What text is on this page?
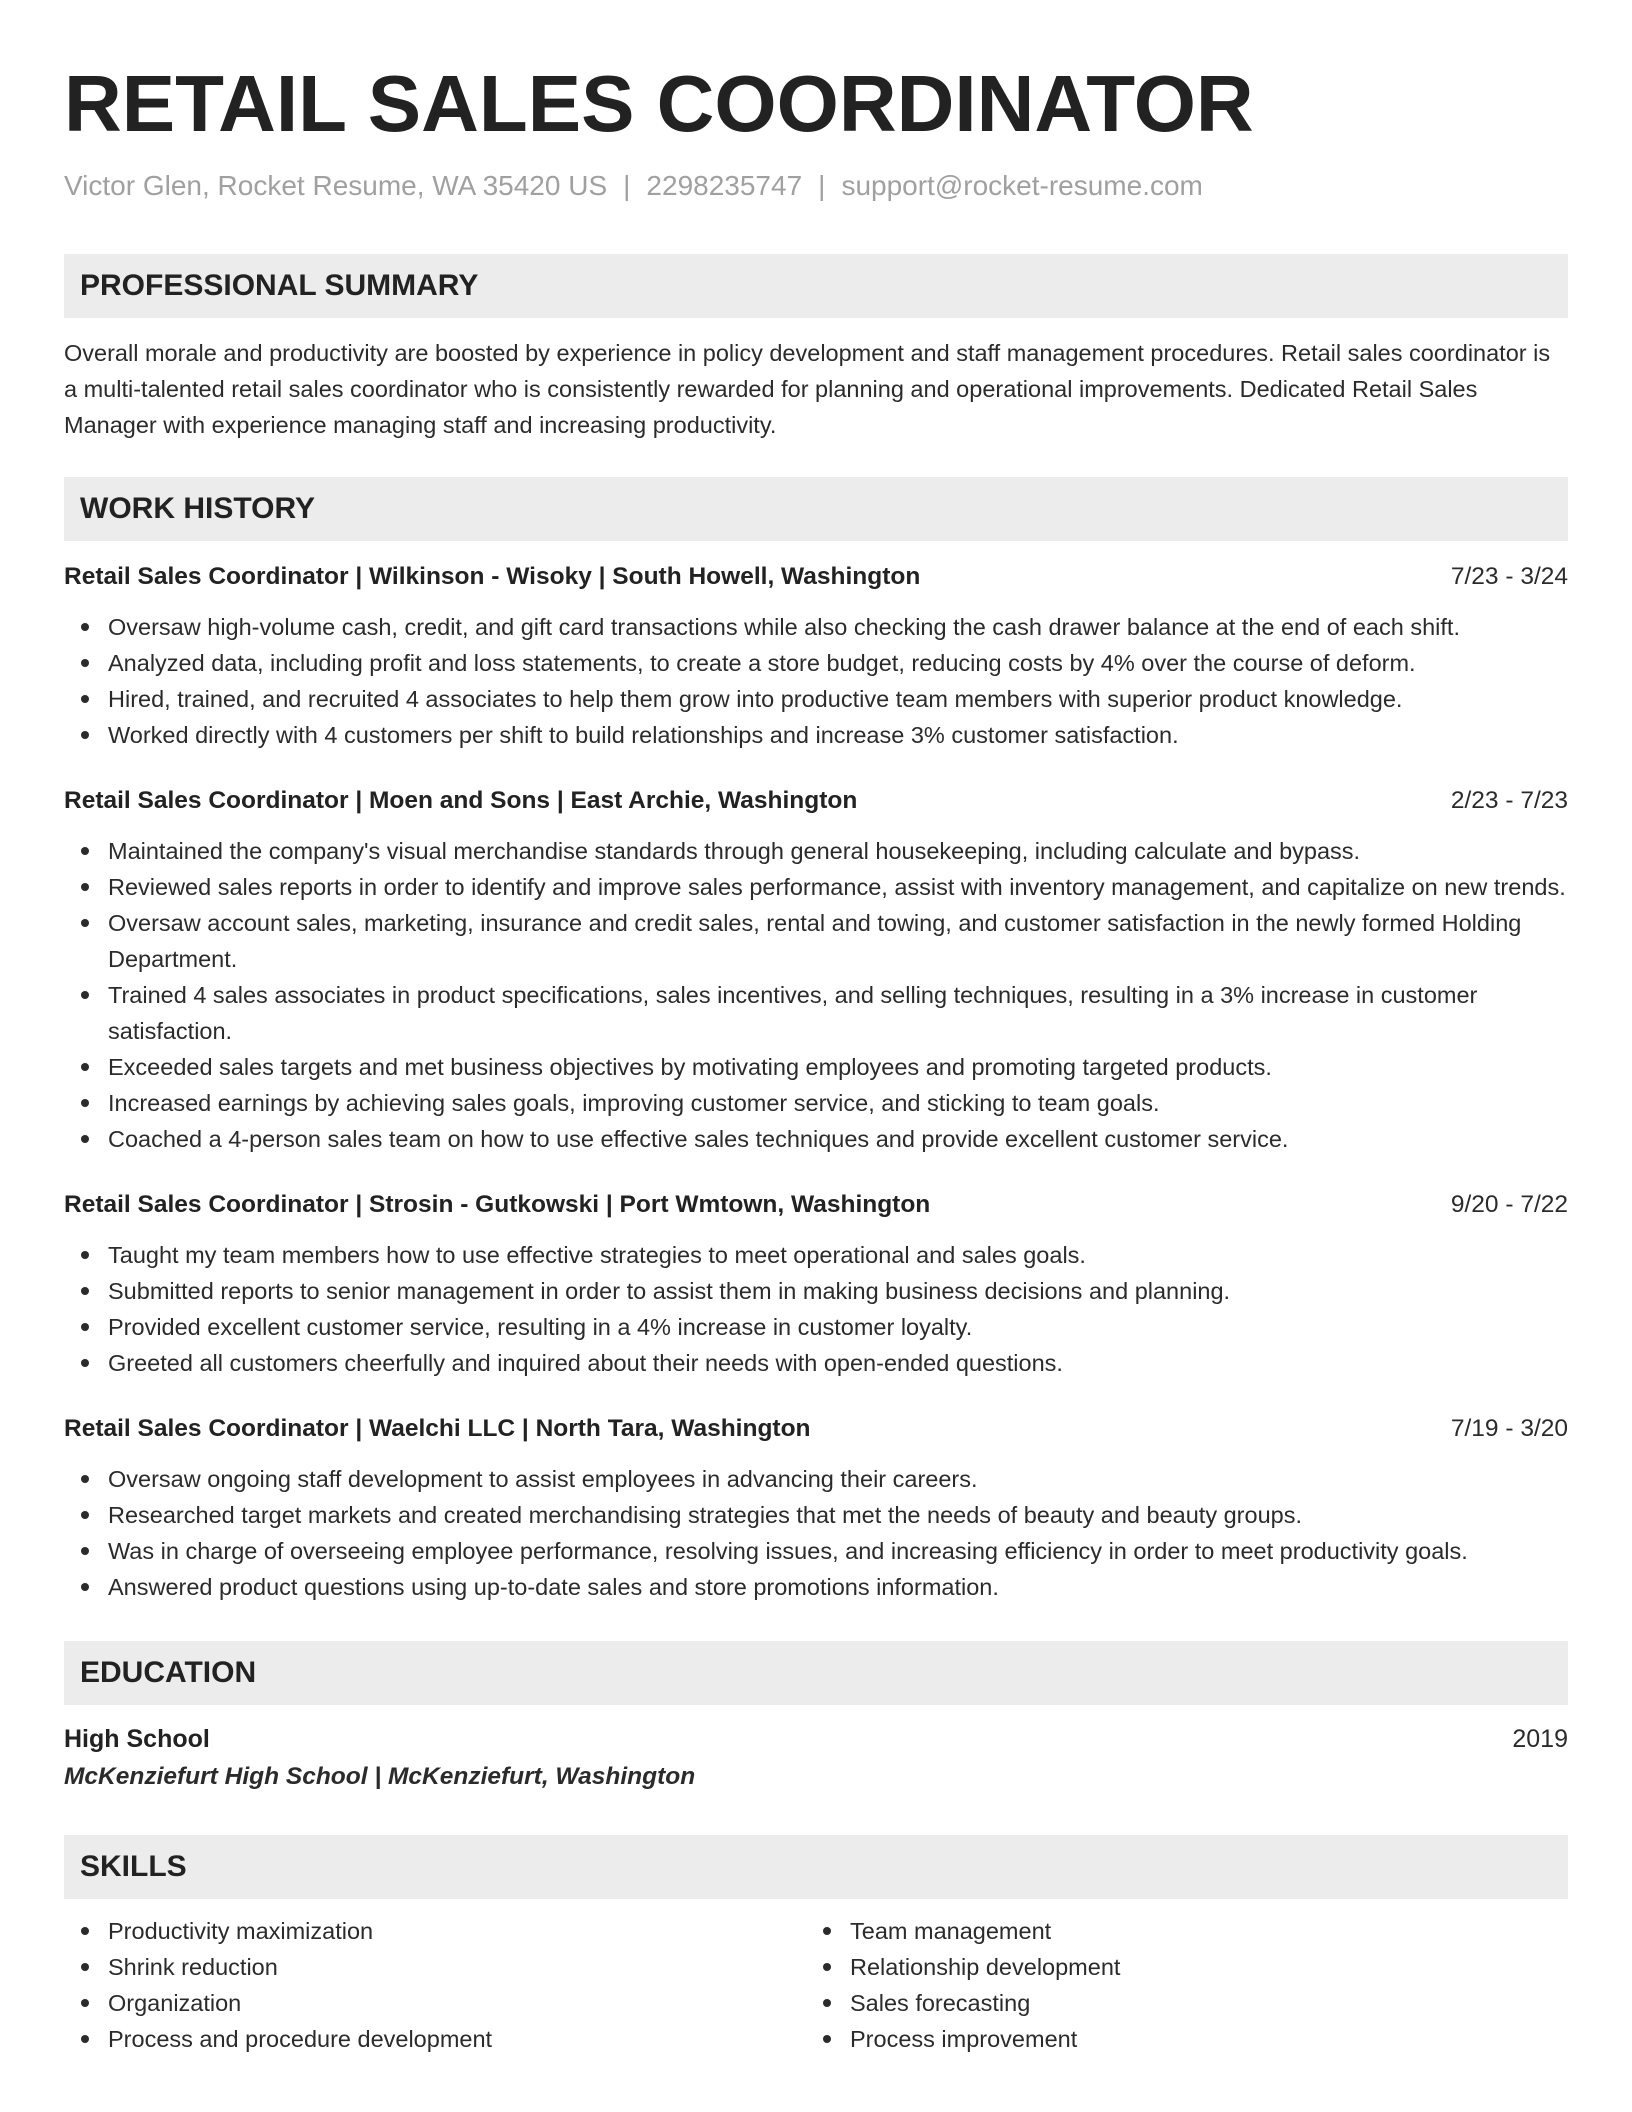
RETAIL SALES COORDINATOR
Victor Glen, Rocket Resume, WA 35420 US | 2298235747 | support@rocket-resume.com
PROFESSIONAL SUMMARY
Overall morale and productivity are boosted by experience in policy development and staff management procedures. Retail sales coordinator is a multi-talented retail sales coordinator who is consistently rewarded for planning and operational improvements. Dedicated Retail Sales Manager with experience managing staff and increasing productivity.
WORK HISTORY
Retail Sales Coordinator | Wilkinson - Wisoky | South Howell, Washington	7/23 - 3/24
Oversaw high-volume cash, credit, and gift card transactions while also checking the cash drawer balance at the end of each shift.
Analyzed data, including profit and loss statements, to create a store budget, reducing costs by 4% over the course of deform.
Hired, trained, and recruited 4 associates to help them grow into productive team members with superior product knowledge.
Worked directly with 4 customers per shift to build relationships and increase 3% customer satisfaction.
Retail Sales Coordinator | Moen and Sons | East Archie, Washington	2/23 - 7/23
Maintained the company's visual merchandise standards through general housekeeping, including calculate and bypass.
Reviewed sales reports in order to identify and improve sales performance, assist with inventory management, and capitalize on new trends.
Oversaw account sales, marketing, insurance and credit sales, rental and towing, and customer satisfaction in the newly formed Holding Department.
Trained 4 sales associates in product specifications, sales incentives, and selling techniques, resulting in a 3% increase in customer satisfaction.
Exceeded sales targets and met business objectives by motivating employees and promoting targeted products.
Increased earnings by achieving sales goals, improving customer service, and sticking to team goals.
Coached a 4-person sales team on how to use effective sales techniques and provide excellent customer service.
Retail Sales Coordinator | Strosin - Gutkowski | Port Wmtown, Washington	9/20 - 7/22
Taught my team members how to use effective strategies to meet operational and sales goals.
Submitted reports to senior management in order to assist them in making business decisions and planning.
Provided excellent customer service, resulting in a 4% increase in customer loyalty.
Greeted all customers cheerfully and inquired about their needs with open-ended questions.
Retail Sales Coordinator | Waelchi LLC | North Tara, Washington	7/19 - 3/20
Oversaw ongoing staff development to assist employees in advancing their careers.
Researched target markets and created merchandising strategies that met the needs of beauty and beauty groups.
Was in charge of overseeing employee performance, resolving issues, and increasing efficiency in order to meet productivity goals.
Answered product questions using up-to-date sales and store promotions information.
EDUCATION
High School	2019
McKenziefurt High School | McKenziefurt, Washington
SKILLS
Productivity maximization
Shrink reduction
Organization
Process and procedure development
Team management
Relationship development
Sales forecasting
Process improvement
